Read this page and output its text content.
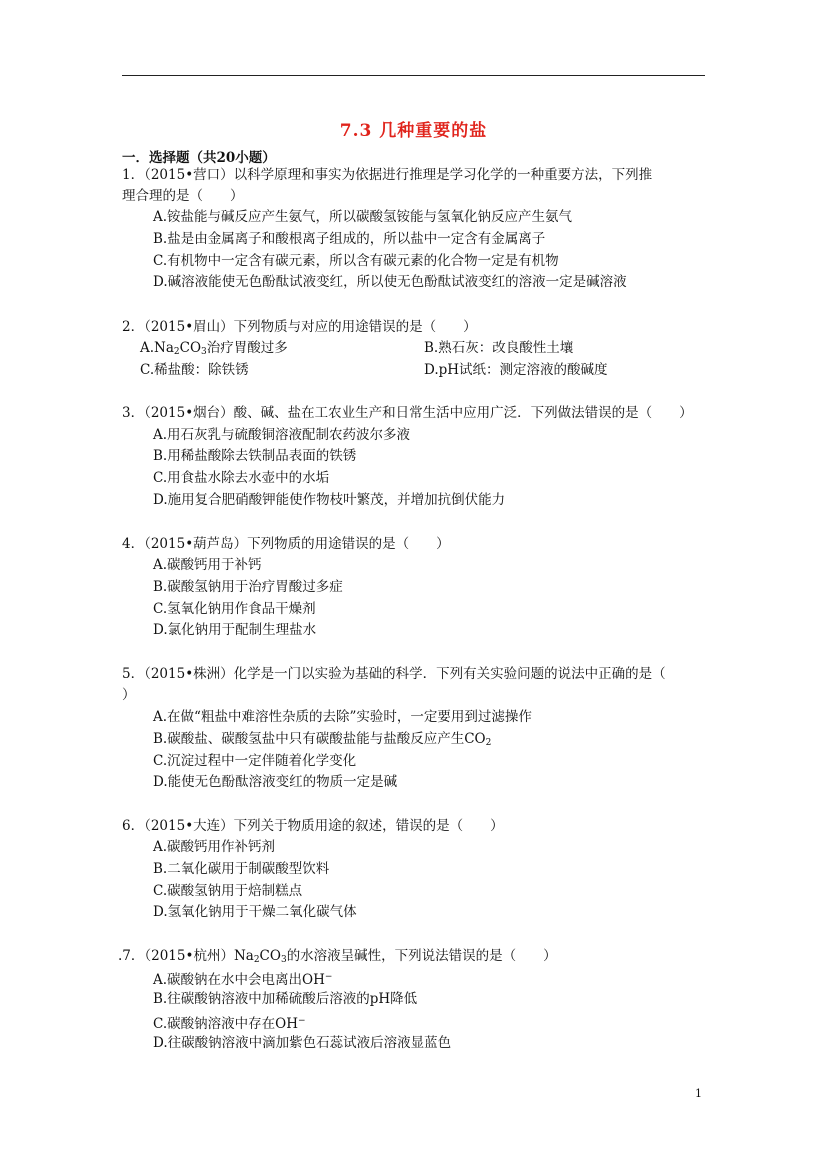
7.3 几种重要的盐
一．选择题（共20小题）
1．（2015•营口）以科学原理和事实为依据进行推理是学习化学的一种重要方法，下列推
理合理的是（　　）
A.铵盐能与碱反应产生氨气，所以碳酸氢铵能与氢氧化钠反应产生氨气
B.盐是由金属离子和酸根离子组成的，所以盐中一定含有金属离子
C.有机物中一定含有碳元素，所以含有碳元素的化合物一定是有机物
D.碱溶液能使无色酚酞试液变红，所以使无色酚酞试液变红的溶液一定是碱溶液
2．（2015•眉山）下列物质与对应的用途错误的是（　　）
$A.Na_2CO_3$治疗胃酸过多	B.熟石灰：改良酸性土壤
C.稀盐酸：除铁锈	D.pH试纸：测定溶液的酸碱度
3．（2015•烟台）酸、碱、盐在工农业生产和日常生活中应用广泛．下列做法错误的是（　　）
A.用石灰乳与硫酸铜溶液配制农药波尔多液
B.用稀盐酸除去铁制品表面的铁锈
C.用食盐水除去水壶中的水垢
D.施用复合肥硝酸钾能使作物枝叶繁茂，并增加抗倒伏能力
4．（2015•葫芦岛）下列物质的用途错误的是（　　）
A.碳酸钙用于补钙
B.碳酸氢钠用于治疗胃酸过多症
C.氢氧化钠用作食品干燥剂
D.氯化钠用于配制生理盐水
5．（2015•株洲）化学是一门以实验为基础的科学．下列有关实验问题的说法中正确的是（
）
A.在做“粗盐中难溶性杂质的去除”实验时，一定要用到过滤操作
B.碳酸盐、碳酸氢盐中只有碳酸盐能与盐酸反应产生$CO_2$
C.沉淀过程中一定伴随着化学变化
D.能使无色酚酞溶液变红的物质一定是碱
6．（2015•大连）下列关于物质用途的叙述，错误的是（　　）
A.碳酸钙用作补钙剂
B.二氧化碳用于制碳酸型饮料
C.碳酸氢钠用于焙制糕点
D.氢氧化钠用于干燥二氧化碳气体
.7．（2015•杭州）$Na_2CO_3$的水溶液呈碱性，下列说法错误的是（　　）
A.碳酸钠在水中会电离出OH−
B.往碳酸钠溶液中加稀硫酸后溶液的pH降低
C.碳酸钠溶液中存在OH−
D.往碳酸钠溶液中滴加紫色石蕊试液后溶液显蓝色
1
